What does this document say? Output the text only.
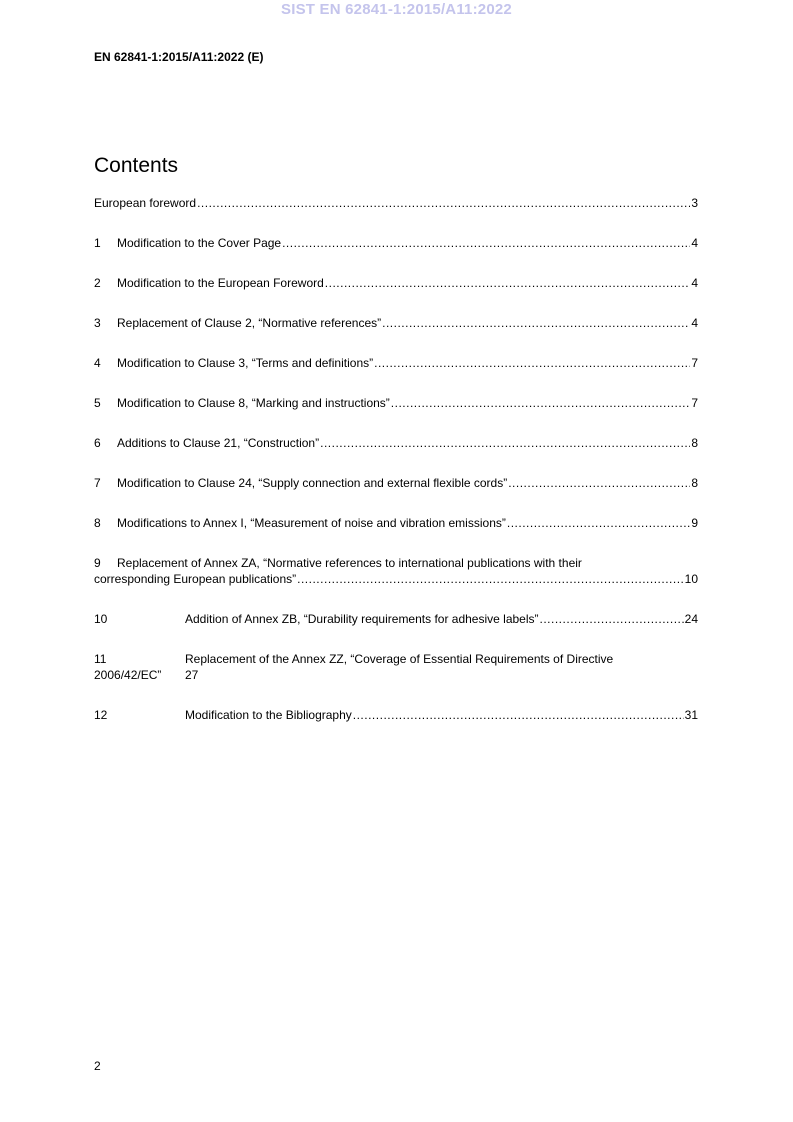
SIST EN 62841-1:2015/A11:2022
EN 62841-1:2015/A11:2022 (E)
Contents
European foreword .....	3
1	Modification to the Cover Page .....	4
2	Modification to the European Foreword .....	4
3	Replacement of Clause 2, “Normative references” .....	4
4	Modification to Clause 3, “Terms and definitions” .....	7
5	Modification to Clause 8, “Marking and instructions” .....	7
6	Additions to Clause 21, “Construction” .....	8
7	Modification to Clause 24, “Supply connection and external flexible cords” .....	8
8	Modifications to Annex I, “Measurement of noise and vibration emissions” .....	9
9 Replacement of Annex ZA, “Normative references to international publications with their
corresponding European publications” .....	10
10	Addition of Annex ZB, “Durability requirements for adhesive labels” .....	24
11	Replacement of the Annex ZZ, “Coverage of Essential Requirements of Directive
2006/42/EC” 27
12	Modification to the Bibliography .....	31
2
